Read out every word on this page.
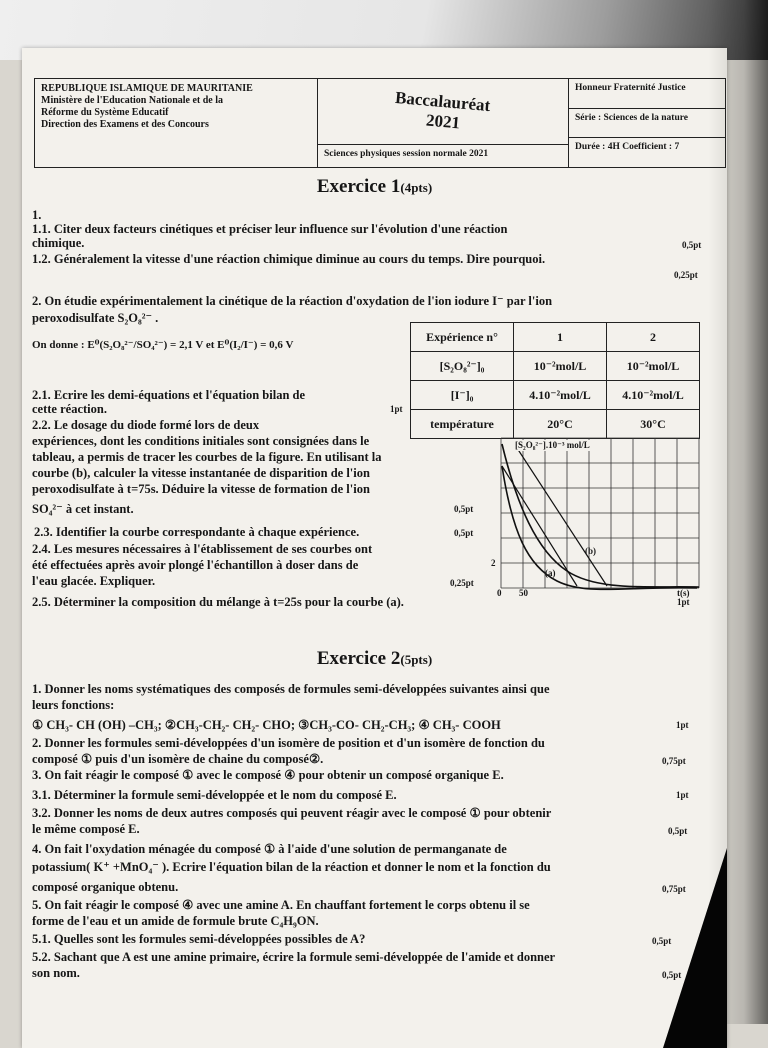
REPUBLIQUE ISLAMIQUE DE MAURITANIE
Ministère de l'Education Nationale et de la
Réforme du Système Educatif
Direction des Examens et des Concours
Baccalauréat
2021
Sciences physiques session normale 2021
Honneur Fraternité Justice
Série : Sciences de la nature
Durée : 4H Coefficient : 7
Exercice 1(4pts)
1.
1.1. Citer deux facteurs cinétiques et préciser leur influence sur l'évolution d'une réaction
chimique.	0,5pt
1.2. Généralement la vitesse d'une réaction chimique diminue au cours du temps. Dire pourquoi.
0,25pt
2. On étudie expérimentalement la cinétique de la réaction d'oxydation de l'ion iodure I⁻ par l'ion
peroxodisulfate S₂O₈²⁻ .
On donne : E⁰(S₂O₈²⁻/SO₄²⁻) = 2,1 V et E⁰(I₂/I⁻) = 0,6 V
Expérience n°	1	2
[S₂O₈²⁻]₀	10⁻²mol/L	10⁻²mol/L
[I⁻]₀	4.10⁻²mol/L	4.10⁻²mol/L
température	20°C	30°C
2.1. Ecrire les demi-équations et l'équation bilan de
cette réaction.	1pt
2.2. Le dosage du diode formé lors de deux
expériences, dont les conditions initiales sont consignées dans le
tableau, a permis de tracer les courbes de la figure. En utilisant la
courbe (b), calculer la vitesse instantanée de disparition de l'ion
peroxodisulfate à t=75s. Déduire la vitesse de formation de l'ion
SO₄²⁻ à cet instant.	0,5pt
2.3. Identifier la courbe correspondante à chaque expérience.	0,5pt
2.4. Les mesures nécessaires à l'établissement de ses courbes ont
été effectuées après avoir plongé l'échantillon à doser dans de
l'eau glacée. Expliquer.	0,25pt
2.5. Déterminer la composition du mélange à t=25s pour la courbe (a).	1pt
[S₂O₈²⁻].10⁻³ mol/L
(b)
(a)
2
0 50	t(s)
Exercice 2(5pts)
1. Donner les noms systématiques des composés de formules semi-développées suivantes ainsi que
leurs fonctions:
① CH₃- CH (OH) –CH₃; ②CH₃-CH₂- CH₂- CHO; ③CH₃-CO- CH₂-CH₃; ④ CH₃- COOH	1pt
2. Donner les formules semi-développées d'un isomère de position et d'un isomère de fonction du
composé ① puis d'un isomère de chaine du composé②.	0,75pt
3. On fait réagir le composé ① avec le composé ④ pour obtenir un composé organique E.
3.1. Déterminer la formule semi-développée et le nom du composé E.	1pt
3.2. Donner les noms de deux autres composés qui peuvent réagir avec le composé ① pour obtenir
le même composé E.	0,5pt
4. On fait l'oxydation ménagée du composé ① à l'aide d'une solution de permanganate de
potassium( K⁺ +MnO₄⁻ ). Ecrire l'équation bilan de la réaction et donner le nom et la fonction du
composé organique obtenu.	0,75pt
5. On fait réagir le composé ④ avec une amine A. En chauffant fortement le corps obtenu il se
forme de l'eau et un amide de formule brute C₄H₉ON.
5.1. Quelles sont les formules semi-développées possibles de A?	0,5pt
5.2. Sachant que A est une amine primaire, écrire la formule semi-développée de l'amide et donner
son nom.	0,5pt
